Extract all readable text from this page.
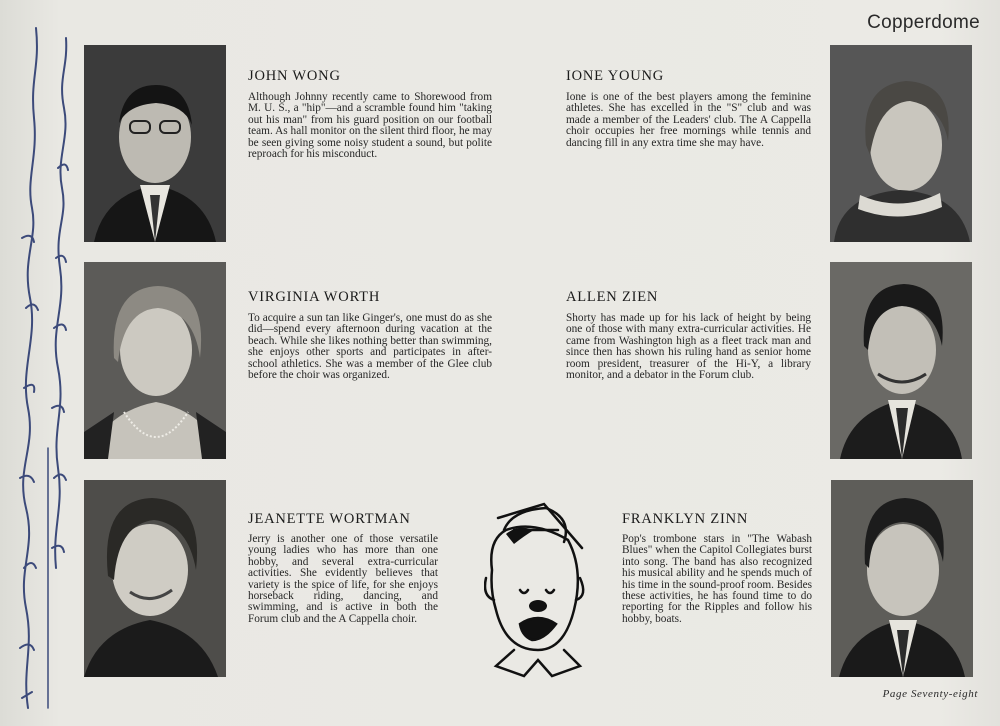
Copperdome
JOHN WONG
Although Johnny recently came to Shorewood from M. U. S., a "hip"—and a scramble found him "taking out his man" from his guard position on our football team. As hall monitor on the silent third floor, he may be seen giving some noisy student a sound, but polite reproach for his misconduct.
IONE YOUNG
Ione is one of the best players among the feminine athletes. She has excelled in the "S" club and was made a member of the Leaders' club. The A Cappella choir occupies her free mornings while tennis and dancing fill in any extra time she may have.
VIRGINIA WORTH
To acquire a sun tan like Ginger's, one must do as she did—spend every afternoon during vacation at the beach. While she likes nothing better than swimming, she enjoys other sports and participates in after-school athletics. She was a member of the Glee club before the choir was organized.
ALLEN ZIEN
Shorty has made up for his lack of height by being one of those with many extra-curricular activities. He came from Washington high as a fleet track man and since then has shown his ruling hand as senior home room president, treasurer of the Hi-Y, a library monitor, and a debator in the Forum club.
JEANETTE WORTMAN
Jerry is another one of those versatile young ladies who has more than one hobby, and several extra-curricular activities. She evidently believes that variety is the spice of life, for she enjoys horseback riding, dancing, and swimming, and is active in both the Forum club and the A Cappella choir.
FRANKLYN ZINN
Pop's trombone stars in "The Wabash Blues" when the Capitol Collegiates burst into song. The band has also recognized his musical ability and he spends much of his time in the sound-proof room. Besides these activities, he has found time to do reporting for the Ripples and follow his hobby, boats.
Page Seventy-eight
